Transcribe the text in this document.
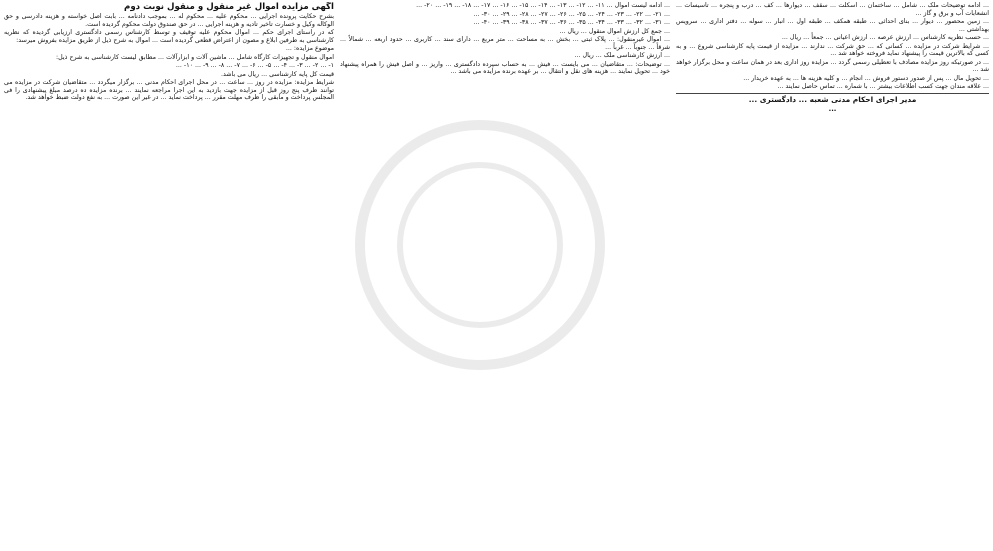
آگهی مزایده اموال غیر منقول و منقول نوبت دوم
بشرح حکایت پرونده اجرایی ... محکوم علیه ... محکوم له ... بموجب دادنامه ... بابت اصل خواسته و هزینه دادرسی و حق الوکاله وکیل و خسارت تاخیر تادیه و هزینه اجرایی ... در حق صندوق دولت محکوم گردیده است.
که در راستای اجرای حکم ... اموال محکوم علیه توقیف و توسط کارشناس رسمی دادگستری ارزیابی گردیده که نظریه کارشناسی به طرفین ابلاغ و مصون از اعتراض قطعی گردیده است ... اموال به شرح ذیل از طریق مزایده بفروش میرسد:
موضوع مزایده: ...
اموال منقول و تجهیزات کارگاه شامل ... ماشین آلات و ابزارآلات ... مطابق لیست کارشناسی به شرح ذیل:
۱- ... ۲- ... ۳- ... ۴- ... ۵- ... ۶- ... ۷- ... ۸- ... ۹- ... ۱۰- ...
قیمت کل پایه کارشناسی ... ریال می باشد.
شرایط مزایده: مزایده در روز ... ساعت ... در محل اجرای احکام مدنی ... برگزار میگردد ... متقاضیان شرکت در مزایده می توانند ظرف پنج روز قبل از مزایده جهت بازدید به این اجرا مراجعه نمایند ... برنده مزایده ده درصد مبلغ پیشنهادی را فی المجلس پرداخت و مابقی را ظرف مهلت مقرر ... پرداخت نماید ... در غیر این صورت ... به نفع دولت ضبط خواهد شد.
... ادامه لیست اموال ... ۱۱- ... ۱۲- ... ۱۳- ... ۱۴- ... ۱۵- ... ۱۶- ... ۱۷- ... ۱۸- ... ۱۹- ... ۲۰- ...
... ۲۱- ... ۲۲- ... ۲۳- ... ۲۴- ... ۲۵- ... ۲۶- ... ۲۷- ... ۲۸- ... ۲۹- ... ۳۰- ...
... ۳۱- ... ۳۲- ... ۳۳- ... ۳۴- ... ۳۵- ... ۳۶- ... ۳۷- ... ۳۸- ... ۳۹- ... ۴۰- ...
... جمع کل ارزش اموال منقول ... ریال ...
... اموال غیرمنقول: ... پلاک ثبتی ... بخش ... به مساحت ... متر مربع ... دارای سند ... کاربری ... حدود اربعه ... شمالاً ... شرقاً ... جنوباً ... غرباً ...
... ارزش کارشناسی ملک ... ریال ...
... توضیحات: ... متقاضیان ... می بایست ... فیش ... به حساب سپرده دادگستری ... واریز ... و اصل فیش را همراه پیشنهاد خود ... تحویل نمایند ... هزینه های نقل و انتقال ... بر عهده برنده مزایده می باشد ...
... ادامه توضیحات ملک ... شامل ... ساختمان ... اسکلت ... سقف ... دیوارها ... کف ... درب و پنجره ... تاسیسات ... انشعابات آب و برق و گاز ...
... زمین محصور ... دیوار ... بنای احداثی ... طبقه همکف ... طبقه اول ... انبار ... سوله ... دفتر اداری ... سرویس بهداشتی ...
... حسب نظریه کارشناس ... ارزش عرصه ... ارزش اعیانی ... جمعاً ... ریال ...
... شرایط شرکت در مزایده ... کسانی که ... حق شرکت ... ندارند ... مزایده از قیمت پایه کارشناسی شروع ... و به کسی که بالاترین قیمت را پیشنهاد نماید فروخته خواهد شد ...
... در صورتیکه روز مزایده مصادف با تعطیلی رسمی گردد ... مزایده روز اداری بعد در همان ساعت و محل برگزار خواهد شد ...
... تحویل مال ... پس از صدور دستور فروش ... انجام ... و کلیه هزینه ها ... به عهده خریدار ...
... علاقه مندان جهت کسب اطلاعات بیشتر ... با شماره ... تماس حاصل نمایند ...
مدیر اجرای احکام مدنی شعبه ... دادگستری ...
...
